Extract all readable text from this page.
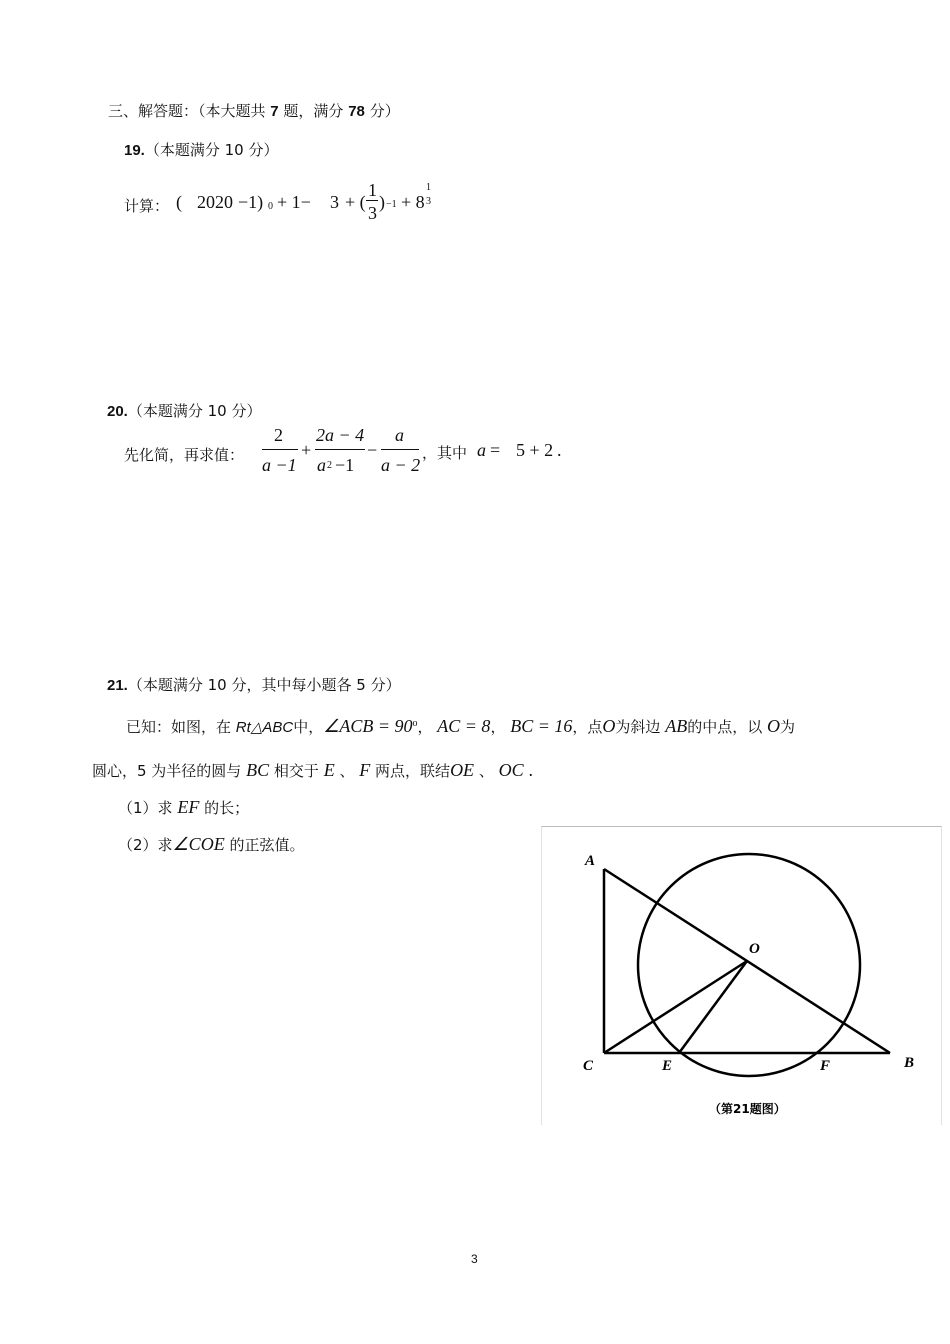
三、解答题：（本大题共 7 题，满分 78 分）
19.（本题满分 10 分）
计算： ( 2020 −1) 0 + 1− 3 + (
1
3
) −1 + 8
1
3
20.（本题满分 10 分）
先化简，再求值：
2
a −1
+
2a − 4
a 2 −1
−
a
a − 2
，其中 a = 5 + 2 .
21.（本题满分 10 分，其中每小题各 5 分）
已知：如图，在 Rt△ABC中，∠ACB = $90^o$， AC = 8， BC = 16，点O为斜边 AB的中点，以 O为
圆心，5 为半径的圆与 BC 相交于 E 、 F 两点，联结OE 、 OC .
（1）求 EF 的长；
（2）求∠COE 的正弦值。
A
O
C	E	F	B
（第21题图）
3
